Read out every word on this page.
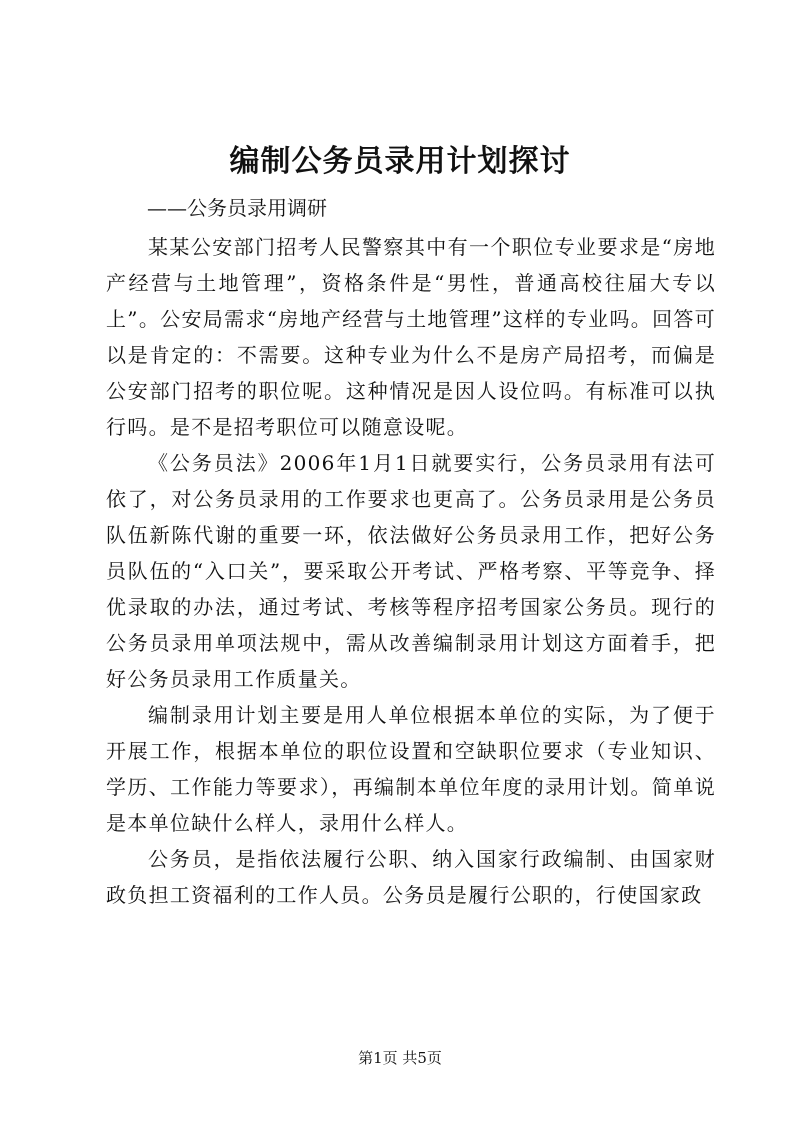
编制公务员录用计划探讨

——公务员录用调研

某某公安部门招考人民警察其中有一个职位专业要求是“房地产经营与土地管理”，资格条件是“男性，普通高校往届大专以上”。公安局需求“房地产经营与土地管理”这样的专业吗。回答可以是肯定的：不需要。这种专业为什么不是房产局招考，而偏是公安部门招考的职位呢。这种情况是因人设位吗。有标准可以执行吗。是不是招考职位可以随意设呢。

《公务员法》2006年1月1日就要实行，公务员录用有法可依了，对公务员录用的工作要求也更高了。公务员录用是公务员队伍新陈代谢的重要一环，依法做好公务员录用工作，把好公务员队伍的“入口关”，要采取公开考试、严格考察、平等竞争、择优录取的办法，通过考试、考核等程序招考国家公务员。现行的公务员录用单项法规中，需从改善编制录用计划这方面着手，把好公务员录用工作质量关。

编制录用计划主要是用人单位根据本单位的实际，为了便于开展工作，根据本单位的职位设置和空缺职位要求（专业知识、学历、工作能力等要求），再编制本单位年度的录用计划。简单说是本单位缺什么样人，录用什么样人。

公务员，是指依法履行公职、纳入国家行政编制、由国家财政负担工资福利的工作人员。公务员是履行公职的，行使国家政

第1页 共5页
